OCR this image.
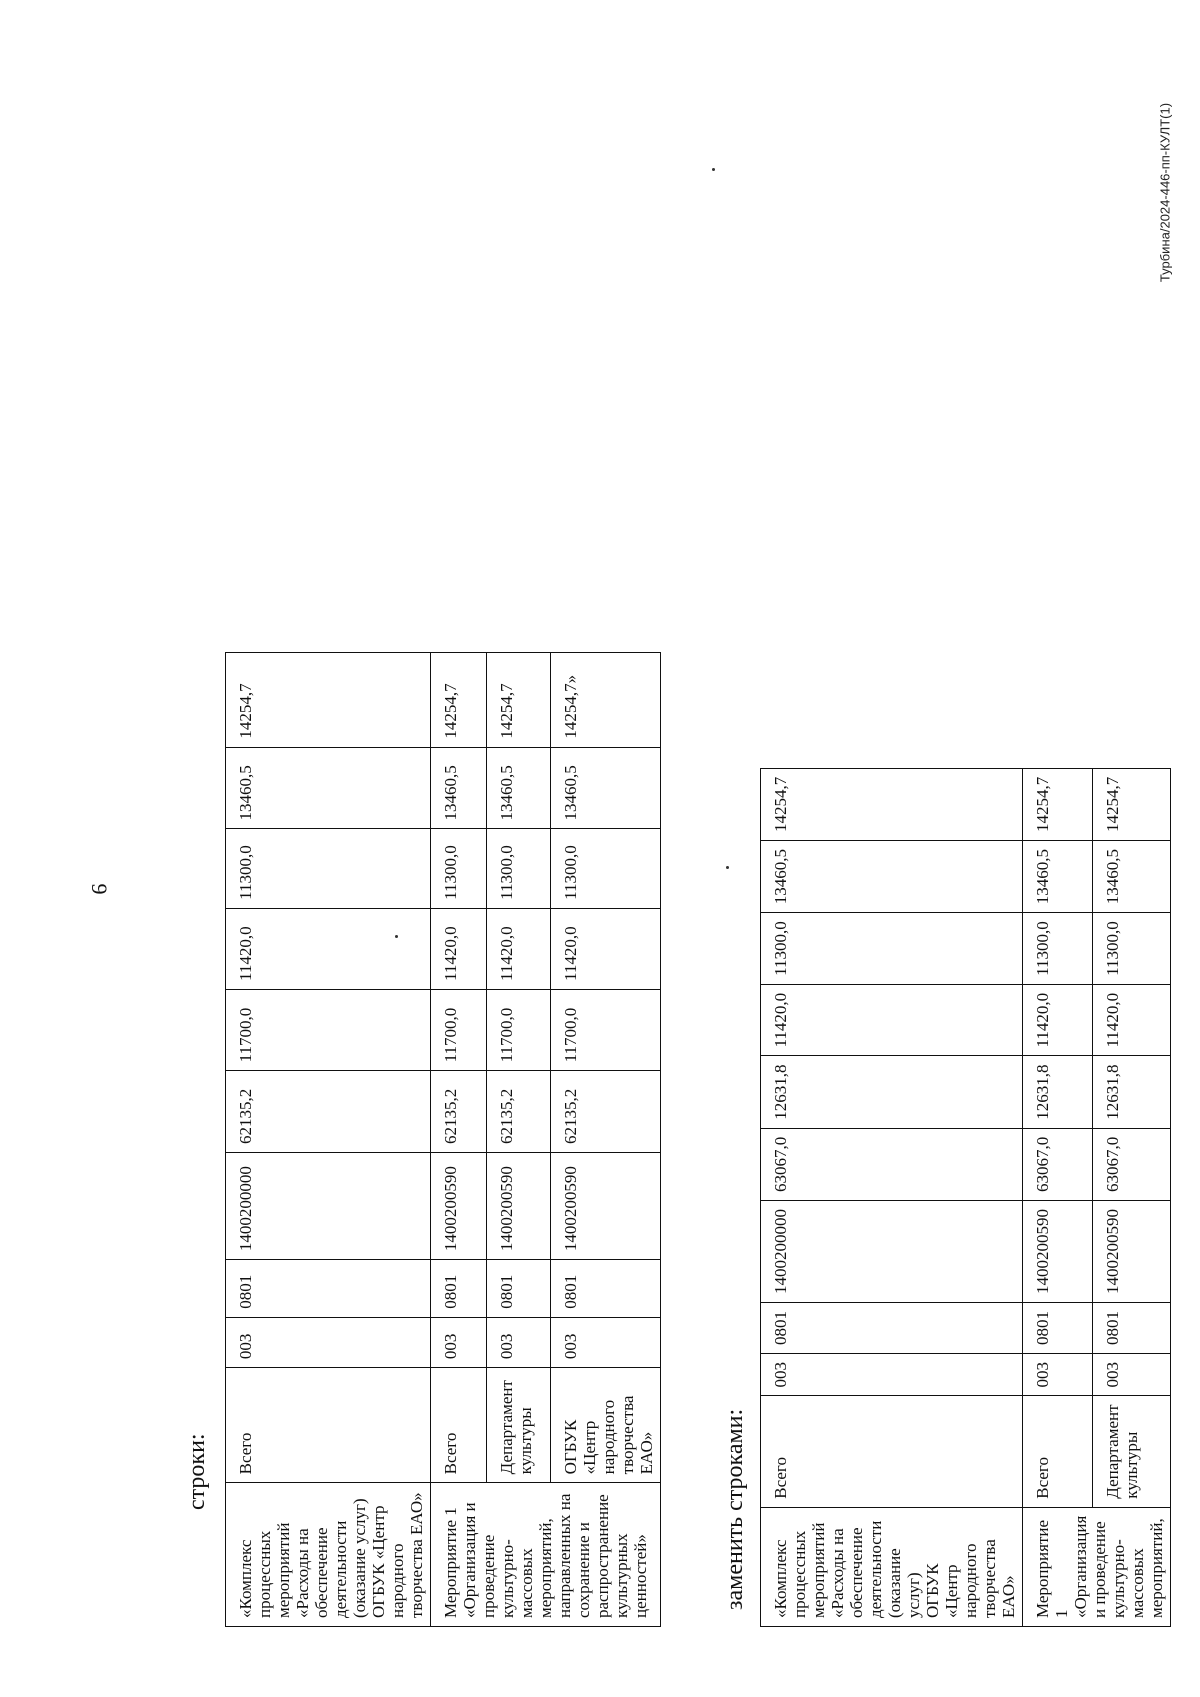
9
Турбина/2024-446-пп-КУЛТ(1)
строки:
«Комплекс процессных мероприятий «Расходы на обеспечение деятельности (оказание услуг) ОГБУК «Центр народного творчества ЕАО»	Всего	003	0801	1400200000	62135,2	11700,0	11420,0	11300,0	13460,5	14254,7
Мероприятие 1 «Организация и проведение культурно-массовых мероприятий, направленных на сохранение и распространение культурных ценностей»	Всего	003	0801	1400200590	62135,2	11700,0	11420,0	11300,0	13460,5	14254,7
	Департамент культуры	003	0801	1400200590	62135,2	11700,0	11420,0	11300,0	13460,5	14254,7
	ОГБУК «Центр народного творчества ЕАО»	003	0801	1400200590	62135,2	11700,0	11420,0	11300,0	13460,5	14254,7»
заменить строками: «Комплекс процессных мероприятий «Расходы на обеспечение деятельности (оказание услуг) ОГБУК «Центр народного творчества ЕАО»	Всего	003	0801	1400200000	63067,0	12631,8	11420,0	11300,0	13460,5	14254,7
Мероприятие 1 «Организация и проведение культурно-массовых мероприятий,	Всего	003	0801	1400200590	63067,0	12631,8	11420,0	11300,0	13460,5	14254,7
	Департамент культуры	003	0801	1400200590	63067,0	12631,8	11420,0	11300,0	13460,5	14254,7
